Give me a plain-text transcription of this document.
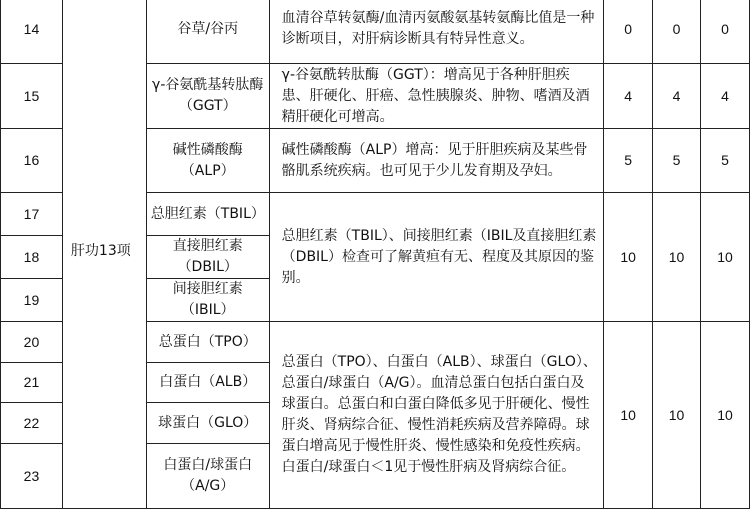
14	肝功13项	谷草/谷丙	血清谷草转氨酶/血清丙氨酸氨基转氨酶比值是一种诊断项目，对肝病诊断具有特异性意义。	0	0	0
15		γ-谷氨酰基转肽酶（GGT）	γ-谷氨酰转肽酶（GGT）：增高见于各种肝胆疾患、肝硬化、肝癌、急性胰腺炎、肿物、嗜酒及酒精肝硬化可增高。	4	4	4
16		碱性磷酸酶（ALP）	碱性磷酸酶（ALP）增高：见于肝胆疾病及某些骨骼肌系统疾病。也可见于少儿发育期及孕妇。	5	5	5
17		总胆红素（TBIL）	总胆红素（TBIL）、间接胆红素（IBIL及直接胆红素（DBIL）检查可了解黄疸有无、程度及其原因的鉴别。	10	10	10
18		直接胆红素（DBIL）				
19		间接胆红素（IBIL）				
20		总蛋白（TPO）	总蛋白（TPO）、白蛋白（ALB）、球蛋白（GLO）、总蛋白/球蛋白（A/G）。血清总蛋白包括白蛋白及球蛋白。总蛋白和白蛋白降低多见于肝硬化、慢性肝炎、肾病综合征、慢性消耗疾病及营养障碍。球蛋白增高见于慢性肝炎、慢性感染和免疫性疾病。白蛋白/球蛋白＜1见于慢性肝病及肾病综合征。	10	10	10
21		白蛋白（ALB）				
22		球蛋白（GLO）				
23		白蛋白/球蛋白（A/G）				
